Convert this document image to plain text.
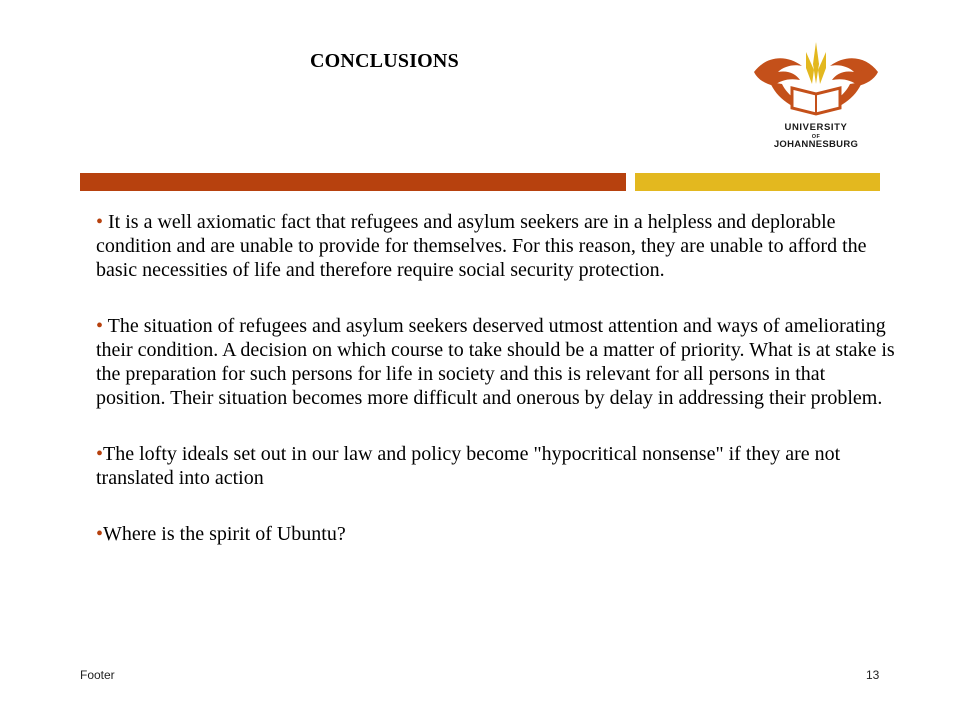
CONCLUSIONS
UNIVERSITY
OF
JOHANNESBURG

• It is a well axiomatic fact that refugees and asylum seekers are in a helpless and deplorable condition and are unable to provide for themselves. For this reason, they are unable to afford the basic necessities of life and therefore require social security protection.

• The situation of refugees and asylum seekers deserved utmost attention and ways of ameliorating their condition. A decision on which course to take should be a matter of priority. What is at stake is the preparation for such persons for life in society and this is relevant for all persons in that position. Their situation becomes more difficult and onerous by delay in addressing their problem.

•The lofty ideals set out in our law and policy become "hypocritical nonsense" if they are not translated into action

•Where is the spirit of Ubuntu?

Footer	13
